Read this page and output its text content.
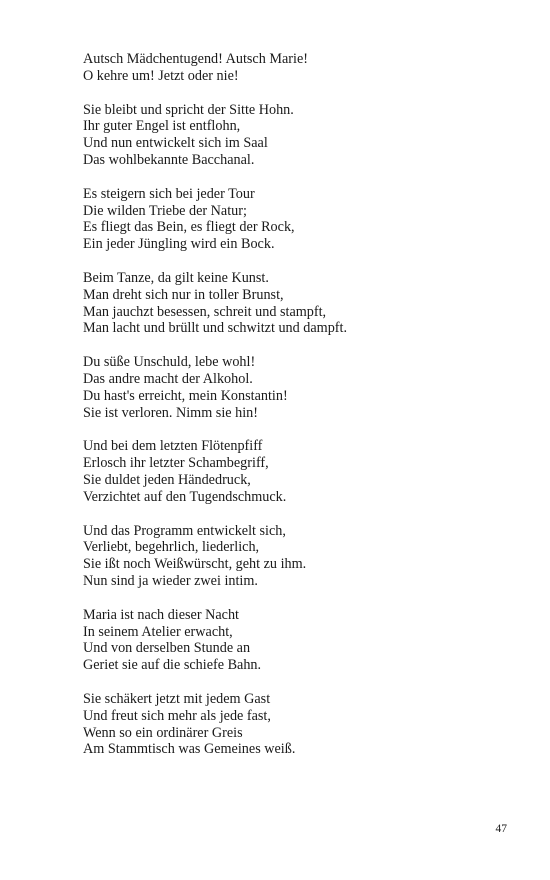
Autsch Mädchentugend! Autsch Marie!
O kehre um! Jetzt oder nie!
Sie bleibt und spricht der Sitte Hohn.
Ihr guter Engel ist entflohn,
Und nun entwickelt sich im Saal
Das wohlbekannte Bacchanal.
Es steigern sich bei jeder Tour
Die wilden Triebe der Natur;
Es fliegt das Bein, es fliegt der Rock,
Ein jeder Jüngling wird ein Bock.
Beim Tanze, da gilt keine Kunst.
Man dreht sich nur in toller Brunst,
Man jauchzt besessen, schreit und stampft,
Man lacht und brüllt und schwitzt und dampft.
Du süße Unschuld, lebe wohl!
Das andre macht der Alkohol.
Du hast's erreicht, mein Konstantin!
Sie ist verloren. Nimm sie hin!
Und bei dem letzten Flötenpfiff
Erlosch ihr letzter Schambegriff,
Sie duldet jeden Händedruck,
Verzichtet auf den Tugendschmuck.
Und das Programm entwickelt sich,
Verliebt, begehrlich, liederlich,
Sie ißt noch Weißwürscht, geht zu ihm.
Nun sind ja wieder zwei intim.
Maria ist nach dieser Nacht
In seinem Atelier erwacht,
Und von derselben Stunde an
Geriet sie auf die schiefe Bahn.
Sie schäkert jetzt mit jedem Gast
Und freut sich mehr als jede fast,
Wenn so ein ordinärer Greis
Am Stammtisch was Gemeines weiß.
47
